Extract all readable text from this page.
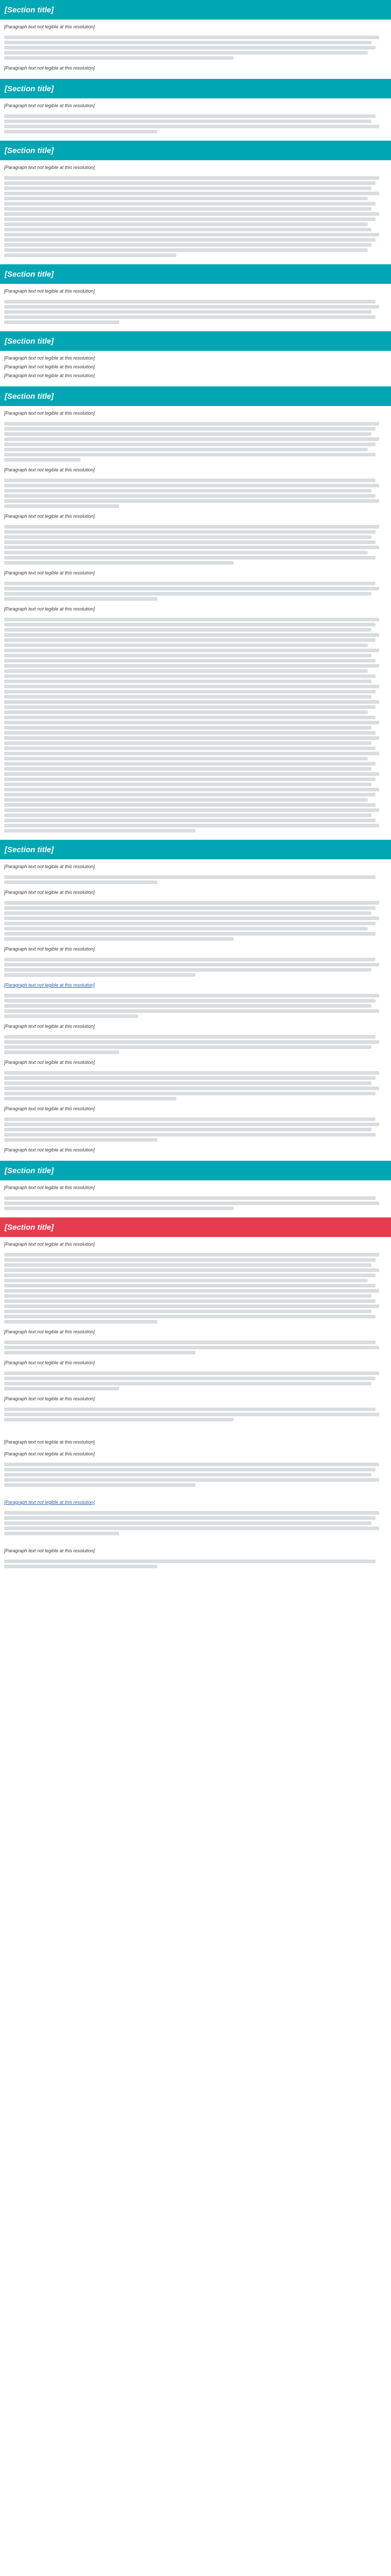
[Section title]

[Paragraph text not legible at this resolution]

[Paragraph text not legible at this resolution]

[Section title]

[Paragraph text not legible at this resolution]

[Section title]

[Paragraph text not legible at this resolution]

[Section title]

[Paragraph text not legible at this resolution]

[Section title]

[Paragraph text not legible at this resolution]

[Paragraph text not legible at this resolution]

[Paragraph text not legible at this resolution]

[Section title]

[Paragraph text not legible at this resolution]

[Paragraph text not legible at this resolution]

[Paragraph text not legible at this resolution]

[Paragraph text not legible at this resolution]

[Paragraph text not legible at this resolution]

[Section title]

[Paragraph text not legible at this resolution]

[Paragraph text not legible at this resolution]

[Paragraph text not legible at this resolution]

[Paragraph text not legible at this resolution]

[Paragraph text not legible at this resolution]

[Paragraph text not legible at this resolution]

[Paragraph text not legible at this resolution]

[Paragraph text not legible at this resolution]

[Section title]

[Paragraph text not legible at this resolution]

[Section title]

[Paragraph text not legible at this resolution]

[Paragraph text not legible at this resolution]

[Paragraph text not legible at this resolution]

[Paragraph text not legible at this resolution]

[Paragraph text not legible at this resolution]

[Paragraph text not legible at this resolution]

[Paragraph text not legible at this resolution]

[Paragraph text not legible at this resolution]
